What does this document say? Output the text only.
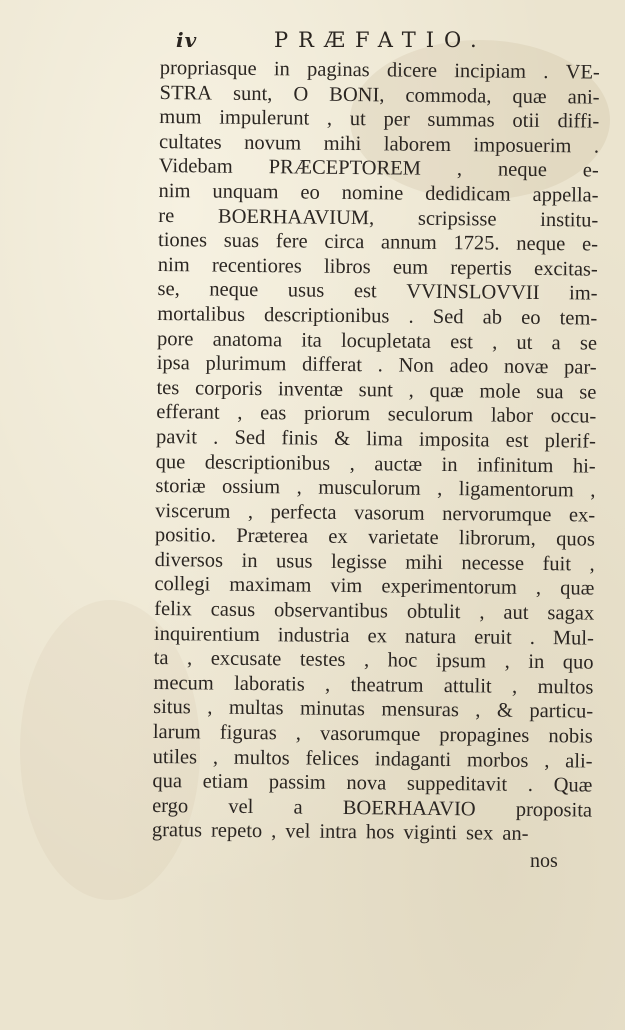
iv	PRÆFATIO.
propriasque in paginas dicere incipiam . VE-
STRA sunt, O BONI, commoda, quæ ani-
mum impulerunt , ut per summas otii diffi-
cultates novum mihi laborem imposuerim .
Videbam PRÆCEPTOREM , neque e-
nim unquam eo nomine dedidicam appella-
re BOERHAAVIUM, scripsisse institu-
tiones suas fere circa annum 1725. neque e-
nim recentiores libros eum repertis excitas-
se, neque usus est VVINSLOVVII im-
mortalibus descriptionibus . Sed ab eo tem-
pore anatoma ita locupletata est , ut a se
ipsa plurimum differat . Non adeo novæ par-
tes corporis inventæ sunt , quæ mole sua se
efferant , eas priorum seculorum labor occu-
pavit . Sed finis & lima imposita est plerif-
que descriptionibus , auctæ in infinitum hi-
storiæ ossium , musculorum , ligamentorum ,
viscerum , perfecta vasorum nervorumque ex-
positio. Præterea ex varietate librorum, quos
diversos in usus legisse mihi necesse fuit ,
collegi maximam vim experimentorum , quæ
felix casus observantibus obtulit , aut sagax
inquirentium industria ex natura eruit . Mul-
ta , excusate testes , hoc ipsum , in quo
mecum laboratis , theatrum attulit , multos
situs , multas minutas mensuras , & particu-
larum figuras , vasorumque propagines nobis
utiles , multos felices indaganti morbos , ali-
qua etiam passim nova suppeditavit . Quæ
ergo vel a BOERHAAVIO proposita
gratus repeto , vel intra hos viginti sex an-
nos
